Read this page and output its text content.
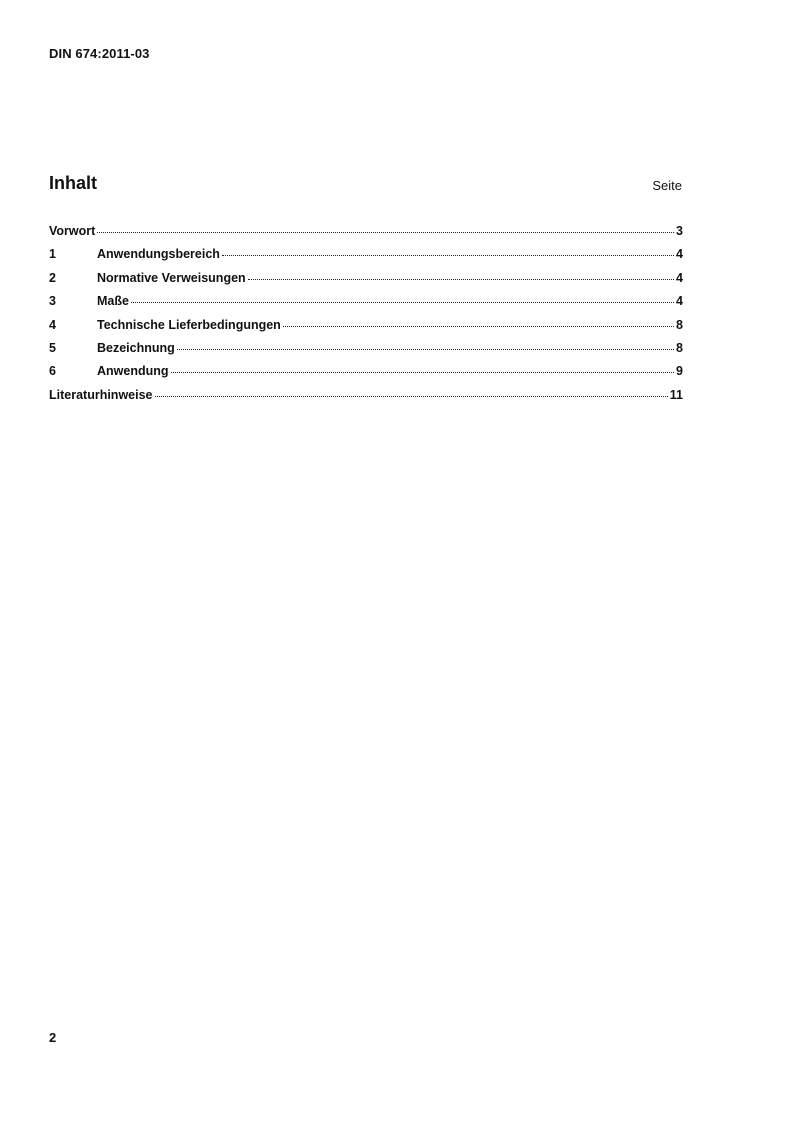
DIN 674:2011-03
Inhalt	Seite
Vorwort	3
1	Anwendungsbereich	4
2	Normative Verweisungen	4
3	Maße	4
4	Technische Lieferbedingungen	8
5	Bezeichnung	8
6	Anwendung	9
Literaturhinweise	11
2
